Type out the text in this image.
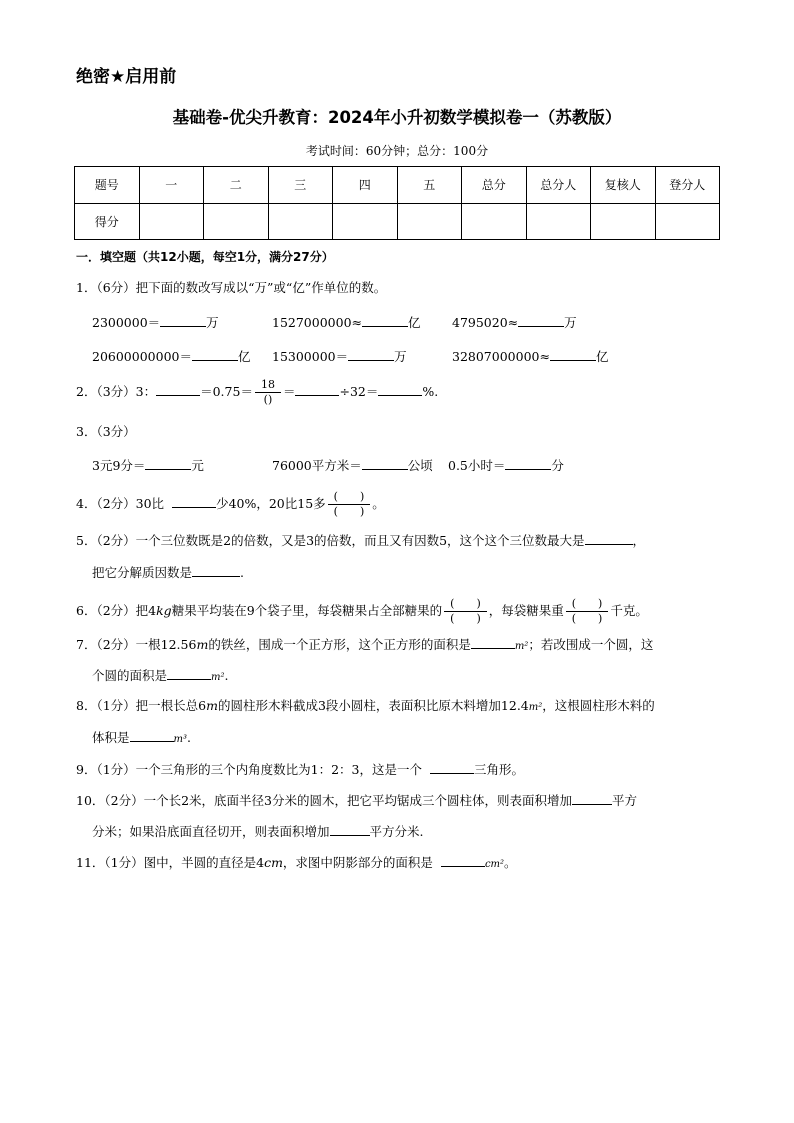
绝密★启用前
基础卷-优尖升教育：2024年小升初数学模拟卷一（苏教版）
考试时间：60分钟；总分：100分
题号	一	二	三	四	五	总分	总分人	复核人	登分人
得分									
一．填空题（共12小题，每空1分，满分27分）
1．（6分）把下面的数改写成以“万”或“亿”作单位的数。
2300000＝	万	1527000000≈	亿	4795020≈	万
20600000000＝	亿 15300000＝	万	32807000000≈	亿
2．（3分）3：	$=0.75= \frac{18}{()}$ ＝	÷32＝	%.
3．（3分）
3元9分＝	元	76000平方米＝	公顷 0.5小时＝	分
4．（2分）30比	少40%，20比15多 $\frac{( )}{( )}$ 。
5．（2分）一个三位数既是2的倍数，又是3的倍数，而且又有因数5，这个这个三位数最大是	，
把它分解质因数是	.
6．（2分）把4kg糖果平均装在9个袋子里，每袋糖果占全部糖果的 $\frac{( )}{( )}$ ，每袋糖果重 $\frac{( )}{( )}$ 千克。
7．（2分）一根12.56m的铁丝，围成一个正方形，这个正方形的面积是	m²；若改围成一个圆，这
个圆的面积是	m².
8．（1分）把一根长总6m的圆柱形木料截成3段小圆柱，表面积比原木料增加12.4m²，这根圆柱形木料的
体积是	m³.
9．（1分）一个三角形的三个内角度数比为1：2：3，这是一个	三角形。
10．（2分）一个长2米，底面半径3分米的圆木，把它平均锯成三个圆柱体，则表面积增加	平方
分米；如果沿底面直径切开，则表面积增加	平方分米.
11．（1分）图中，半圆的直径是4cm，求图中阴影部分的面积是	cm²。
